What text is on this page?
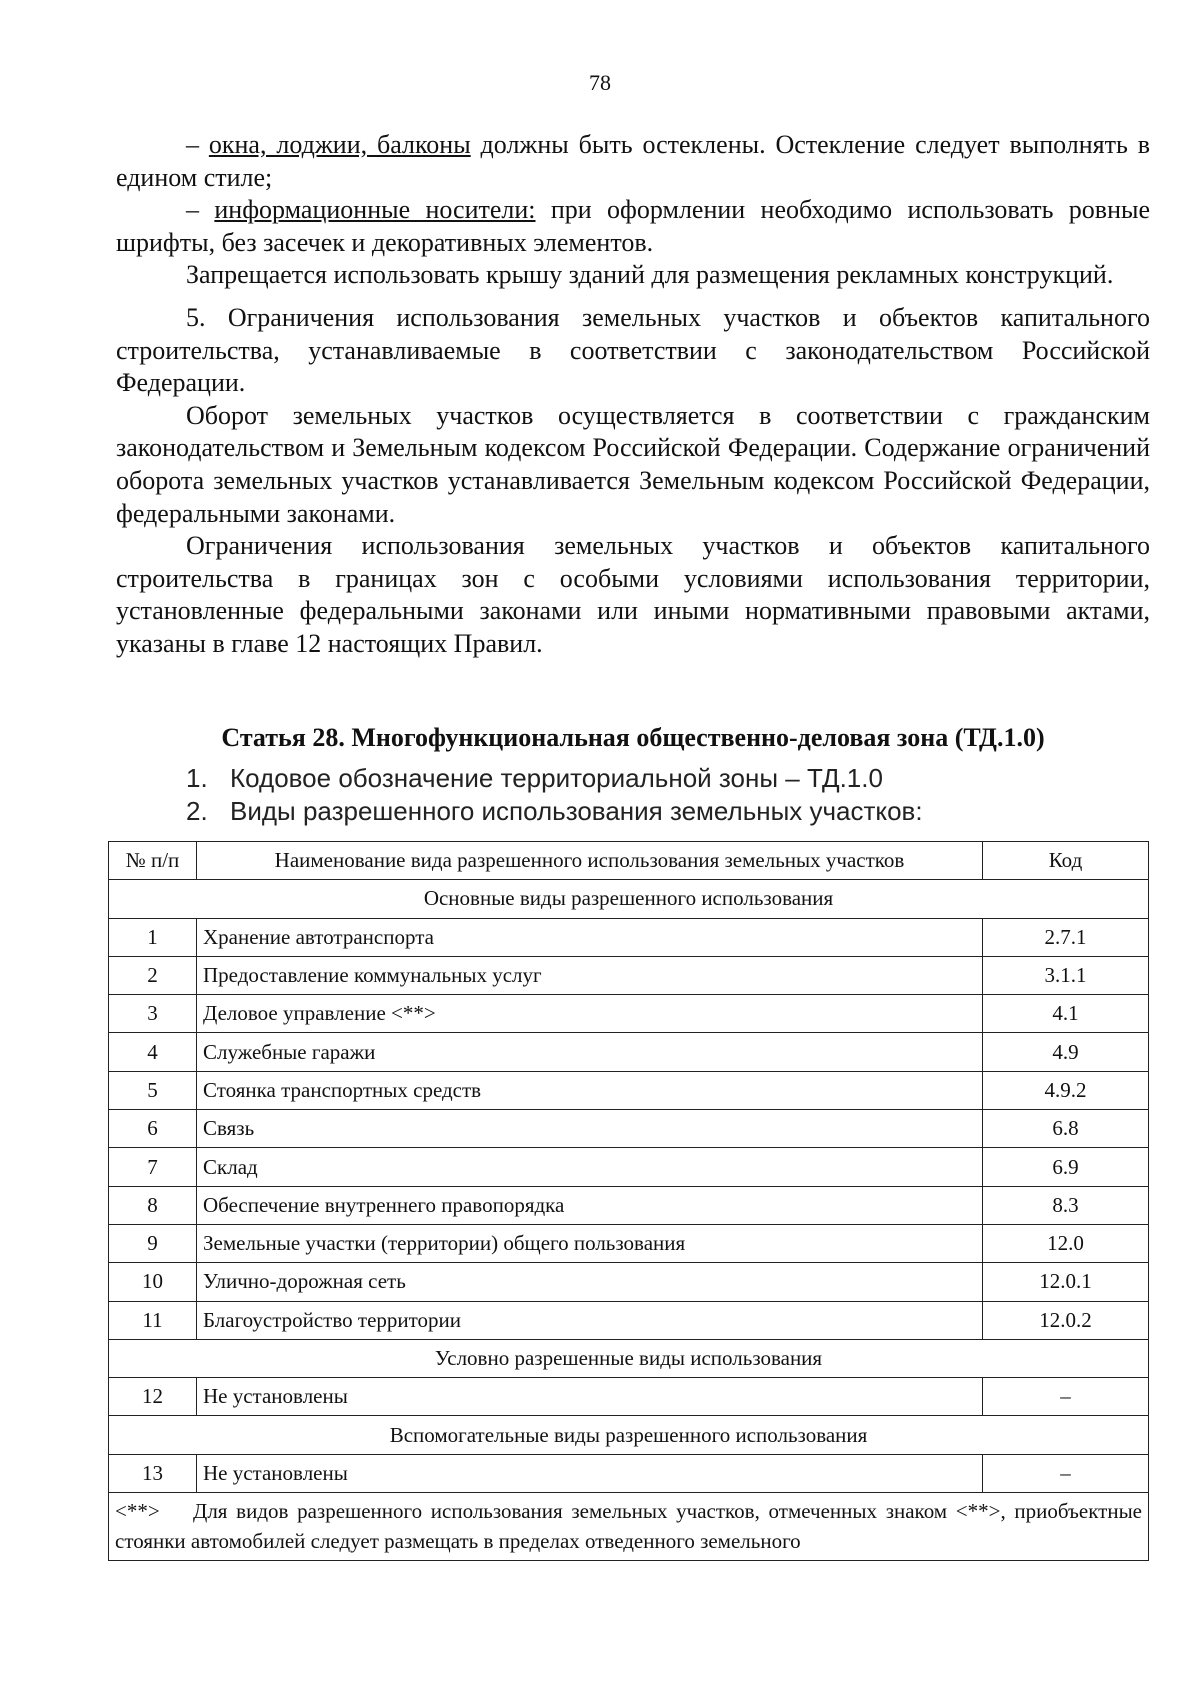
78

– окна, лоджии, балконы должны быть остеклены. Остекление следует выполнять в едином стиле;

– информационные носители: при оформлении необходимо использовать ровные шрифты, без засечек и декоративных элементов.

Запрещается использовать крышу зданий для размещения рекламных конструкций.

5. Ограничения использования земельных участков и объектов капитального строительства, устанавливаемые в соответствии с законодательством Российской Федерации.

Оборот земельных участков осуществляется в соответствии с гражданским законодательством и Земельным кодексом Российской Федерации. Содержание ограничений оборота земельных участков устанавливается Земельным кодексом Российской Федерации, федеральными законами.

Ограничения использования земельных участков и объектов капитального строительства в границах зон с особыми условиями использования территории, установленные федеральными законами или иными нормативными правовыми актами, указаны в главе 12 настоящих Правил.

Статья 28. Многофункциональная общественно-деловая зона (ТД.1.0)
1. Кодовое обозначение территориальной зоны – ТД.1.0
2. Виды разрешенного использования земельных участков:
№ п/п	Наименование вида разрешенного использования земельных участков	Код
Основные виды разрешенного использования		
1	Хранение автотранспорта	2.7.1
2	Предоставление коммунальных услуг	3.1.1
3	Деловое управление <**>	4.1
4	Служебные гаражи	4.9
5	Стоянка транспортных средств	4.9.2
6	Связь	6.8
7	Склад	6.9
8	Обеспечение внутреннего правопорядка	8.3
9	Земельные участки (территории) общего пользования	12.0
10	Улично-дорожная сеть	12.0.1
11	Благоустройство территории	12.0.2
Условно разрешенные виды использования		
12	Не установлены	–
Вспомогательные виды разрешенного использования		
13	Не установлены	–
<**> Для видов разрешенного использования земельных участков, отмеченных знаком <**>, приобъектные стоянки автомобилей следует размещать в пределах отведенного земельного		
